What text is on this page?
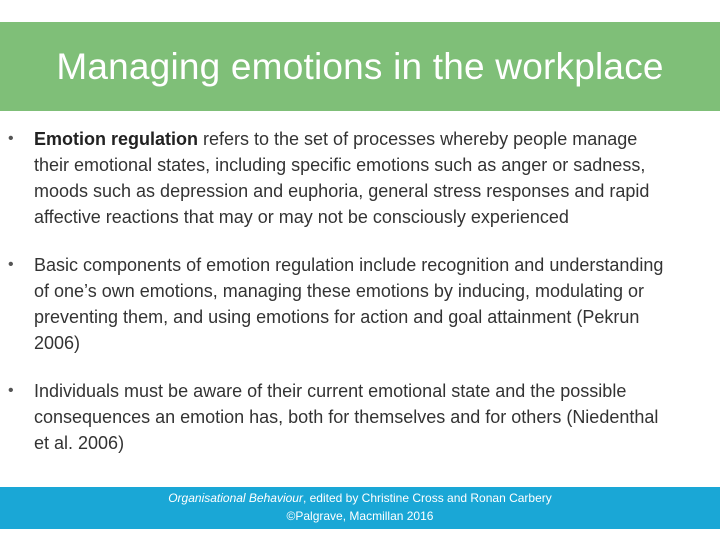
Managing emotions in the workplace
• Emotion regulation refers to the set of processes whereby people manage their emotional states, including specific emotions such as anger or sadness, moods such as depression and euphoria, general stress responses and rapid affective reactions that may or may not be consciously experienced
• Basic components of emotion regulation include recognition and understanding of one’s own emotions, managing these emotions by inducing, modulating or preventing them, and using emotions for action and goal attainment (Pekrun 2006)
• Individuals must be aware of their current emotional state and the possible consequences an emotion has, both for themselves and for others (Niedenthal et al. 2006)
Organisational Behaviour, edited by Christine Cross and Ronan Carbery
©Palgrave, Macmillan 2016
